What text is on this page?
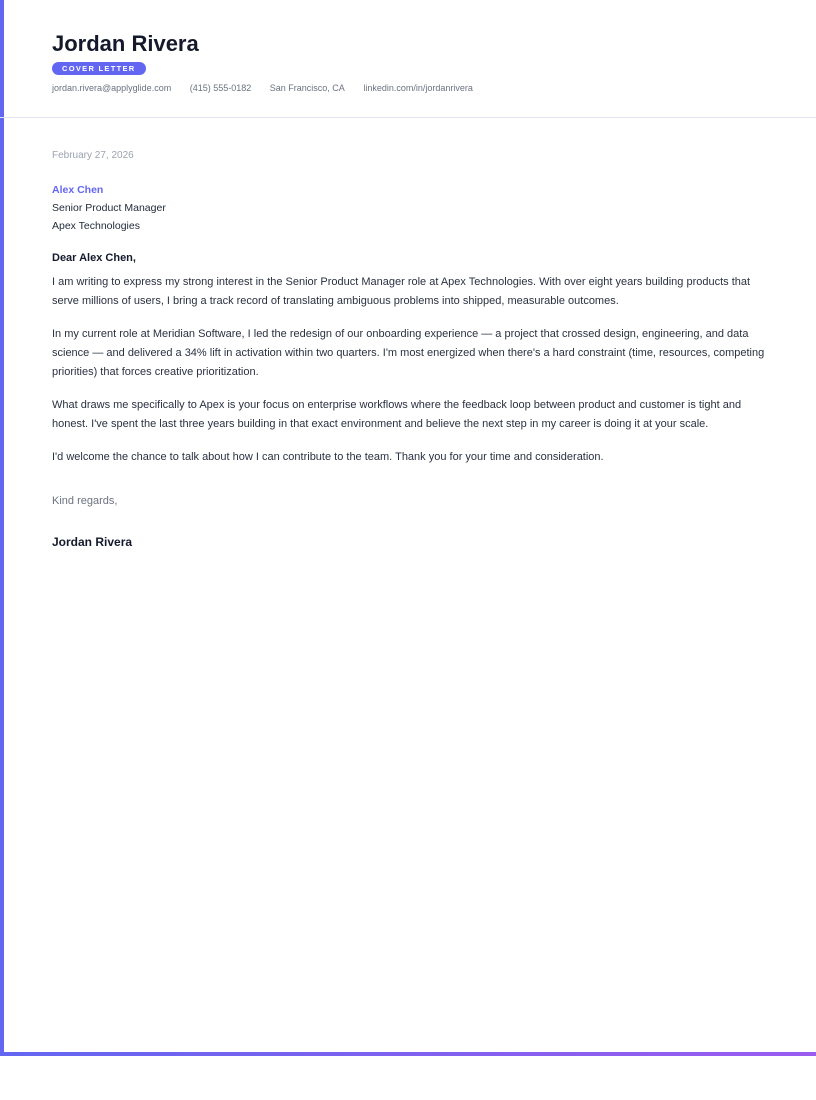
Jordan Rivera
COVER LETTER
jordan.rivera@applyglide.com (415) 555-0182 San Francisco, CA linkedin.com/in/jordanrivera
February 27, 2026
Alex Chen
Senior Product Manager
Apex Technologies
Dear Alex Chen,

I am writing to express my strong interest in the Senior Product Manager role at Apex Technologies. With over eight years building products that serve millions of users, I bring a track record of translating ambiguous problems into shipped, measurable outcomes.

In my current role at Meridian Software, I led the redesign of our onboarding experience — a project that crossed design, engineering, and data science — and delivered a 34% lift in activation within two quarters. I'm most energized when there's a hard constraint (time, resources, competing priorities) that forces creative prioritization.

What draws me specifically to Apex is your focus on enterprise workflows where the feedback loop between product and customer is tight and honest. I've spent the last three years building in that exact environment and believe the next step in my career is doing it at your scale.

I'd welcome the chance to talk about how I can contribute to the team. Thank you for your time and consideration.

Kind regards,
Jordan Rivera
